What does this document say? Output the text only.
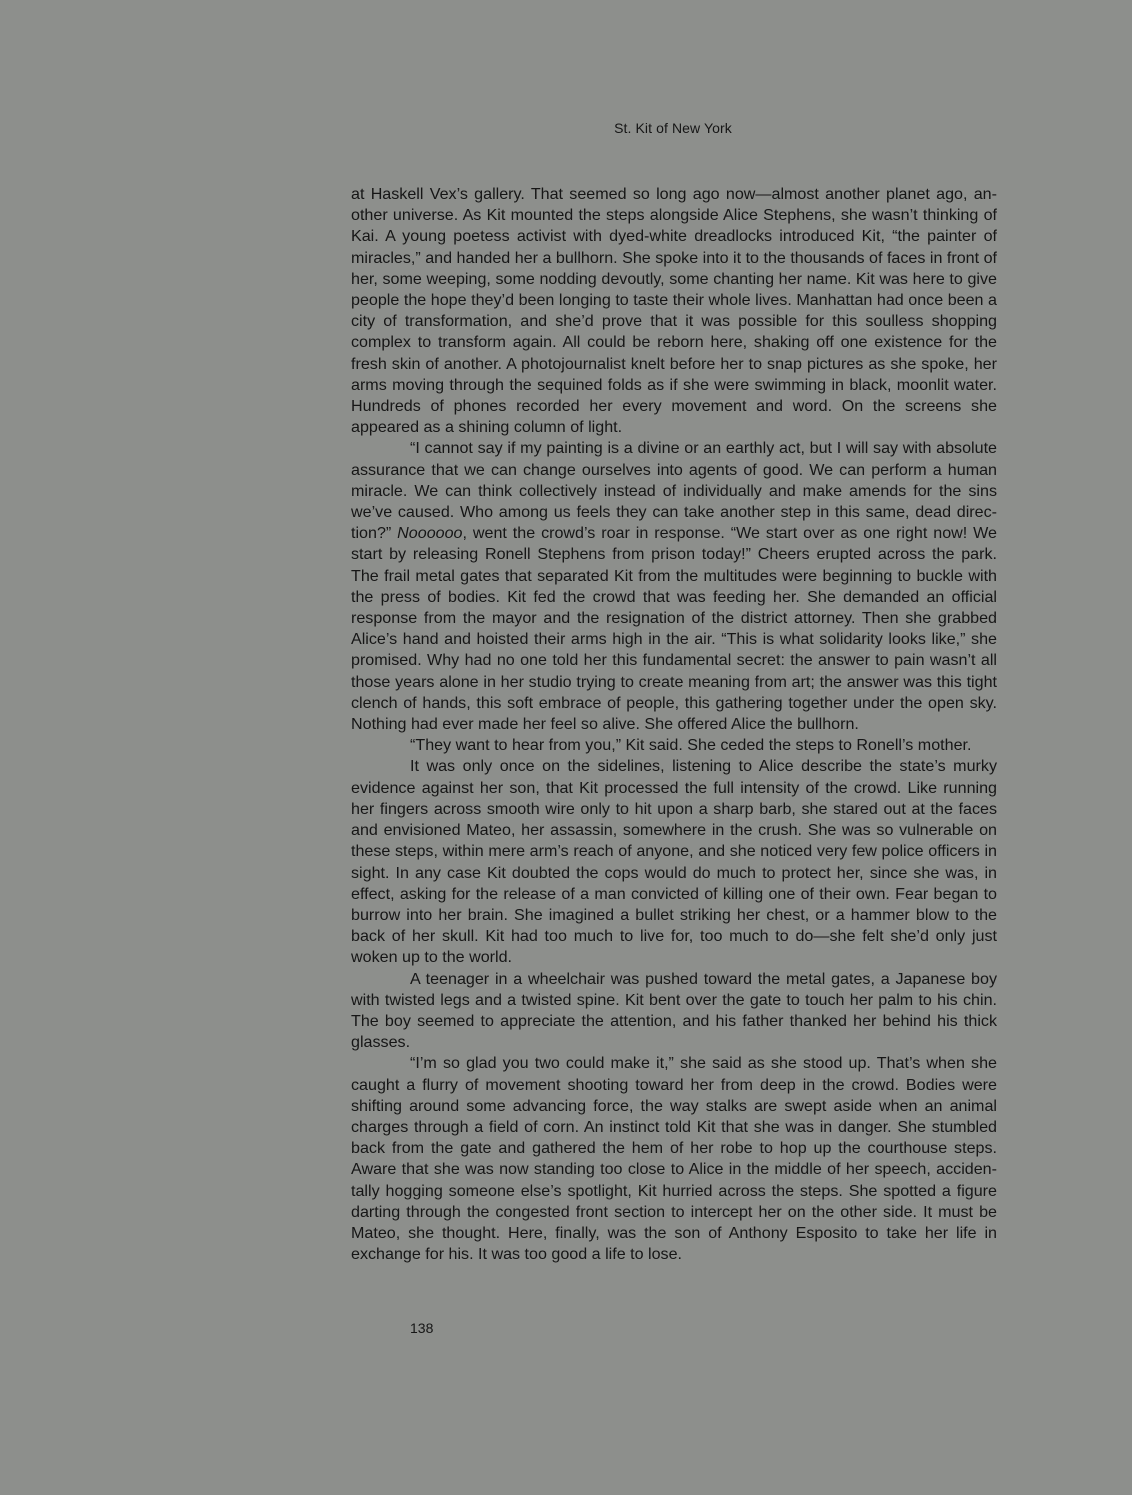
St. Kit of New York

at Haskell Vex’s gallery. That seemed so long ago now—almost another planet ago, another universe. As Kit mounted the steps alongside Alice Stephens, she wasn’t thinking of Kai. A young poetess activist with dyed-white dreadlocks introduced Kit, “the painter of miracles,” and handed her a bullhorn. She spoke into it to the thousands of faces in front of her, some weeping, some nodding devoutly, some chanting her name. Kit was here to give people the hope they’d been longing to taste their whole lives. Manhattan had once been a city of transformation, and she’d prove that it was possible for this soulless shopping complex to transform again. All could be reborn here, shaking off one existence for the fresh skin of another. A photojournalist knelt before her to snap pictures as she spoke, her arms moving through the sequined folds as if she were swimming in black, moonlit water. Hundreds of phones recorded her every movement and word. On the screens she appeared as a shining column of light.

“I cannot say if my painting is a divine or an earthly act, but I will say with absolute assurance that we can change ourselves into agents of good. We can perform a human miracle. We can think collectively instead of individually and make amends for the sins we’ve caused. Who among us feels they can take another step in this same, dead direction?” Noooooo, went the crowd’s roar in response. “We start over as one right now! We start by releasing Ronell Stephens from prison today!” Cheers erupted across the park. The frail metal gates that separated Kit from the multitudes were beginning to buckle with the press of bodies. Kit fed the crowd that was feeding her. She demanded an official response from the mayor and the resignation of the district attorney. Then she grabbed Alice’s hand and hoisted their arms high in the air. “This is what solidarity looks like,” she promised. Why had no one told her this fundamental secret: the answer to pain wasn’t all those years alone in her studio trying to create meaning from art; the answer was this tight clench of hands, this soft embrace of people, this gathering together under the open sky. Nothing had ever made her feel so alive. She offered Alice the bullhorn.

“They want to hear from you,” Kit said. She ceded the steps to Ronell’s mother.

It was only once on the sidelines, listening to Alice describe the state’s murky evidence against her son, that Kit processed the full intensity of the crowd. Like running her fingers across smooth wire only to hit upon a sharp barb, she stared out at the faces and envisioned Mateo, her assassin, somewhere in the crush. She was so vulnerable on these steps, within mere arm’s reach of anyone, and she noticed very few police officers in sight. In any case Kit doubted the cops would do much to protect her, since she was, in effect, asking for the release of a man convicted of killing one of their own. Fear began to burrow into her brain. She imagined a bullet striking her chest, or a hammer blow to the back of her skull. Kit had too much to live for, too much to do—she felt she’d only just woken up to the world.

A teenager in a wheelchair was pushed toward the metal gates, a Japanese boy with twisted legs and a twisted spine. Kit bent over the gate to touch her palm to his chin. The boy seemed to appreciate the attention, and his father thanked her behind his thick glasses.

“I’m so glad you two could make it,” she said as she stood up. That’s when she caught a flurry of movement shooting toward her from deep in the crowd. Bodies were shifting around some advancing force, the way stalks are swept aside when an animal charges through a field of corn. An instinct told Kit that she was in danger. She stumbled back from the gate and gathered the hem of her robe to hop up the courthouse steps. Aware that she was now standing too close to Alice in the middle of her speech, accidentally hogging someone else’s spotlight, Kit hurried across the steps. She spotted a figure darting through the congested front section to intercept her on the other side. It must be Mateo, she thought. Here, finally, was the son of Anthony Esposito to take her life in exchange for his. It was too good a life to lose.

138
